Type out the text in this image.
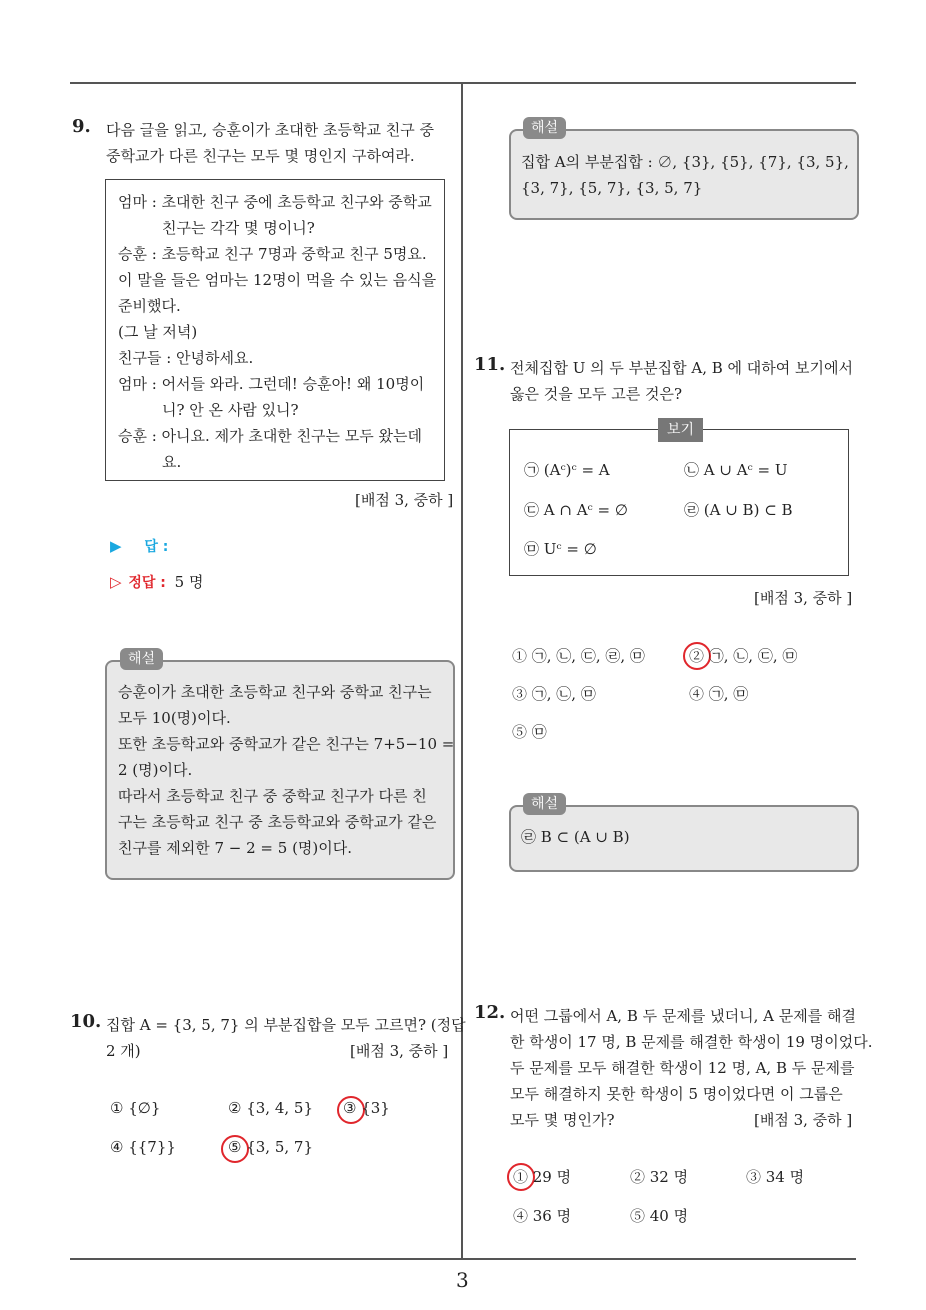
9. 다음 글을 읽고, 승훈이가 초대한 초등학교 친구 중
중학교가 다른 친구는 모두 몇 명인지 구하여라.
엄마 : 초대한 친구 중에 초등학교 친구와 중학교
친구는 각각 몇 명이니?
승훈 : 초등학교 친구 7명과 중학교 친구 5명요.
이 말을 들은 엄마는 12명이 먹을 수 있는 음식을
준비했다.
(그 날 저녁)
친구들 : 안녕하세요.
엄마 : 어서들 와라. 그런데! 승훈아! 왜 10명이
니? 안 온 사람 있니?
승훈 : 아니요. 제가 초대한 친구는 모두 왔는데
요.
[배점 3, 중하 ]
▶ 답 :
▷ 정답 : 5 명
해설
승훈이가 초대한 초등학교 친구와 중학교 친구는
모두 10(명)이다.
또한 초등학교와 중학교가 같은 친구는 7+5−10 =
2 (명)이다.
따라서 초등학교 친구 중 중학교 친구가 다른 친
구는 초등학교 친구 중 초등학교와 중학교가 같은
친구를 제외한 7 − 2 = 5 (명)이다.
10. 집합 A = {3, 5, 7} 의 부분집합을 모두 고르면? (정답
2 개)	[배점 3, 중하 ]
① {∅}	② {3, 4, 5} ③ {3}
④ {{7}}	⑤ {3, 5, 7}
해설
집합 A의 부분집합 : ∅, {3}, {5}, {7}, {3, 5},
{3, 7}, {5, 7}, {3, 5, 7}
11. 전체집합 U 의 두 부분집합 A, B 에 대하여 보기에서
옳은 것을 모두 고른 것은?
보기
㉠ (Aᶜ)ᶜ = A	㉡ A ∪ Aᶜ = U
㉢ A ∩ Aᶜ = ∅	㉣ (A ∪ B) ⊂ B
㉤ Uᶜ = ∅
[배점 3, 중하 ]
① ㉠, ㉡, ㉢, ㉣, ㉤	② ㉠, ㉡, ㉢, ㉤
③ ㉠, ㉡, ㉤	④ ㉠, ㉤
⑤ ㉤
해설
㉣ B ⊂ (A ∪ B)
12. 어떤 그룹에서 A, B 두 문제를 냈더니, A 문제를 해결
한 학생이 17 명, B 문제를 해결한 학생이 19 명이었다.
두 문제를 모두 해결한 학생이 12 명, A, B 두 문제를
모두 해결하지 못한 학생이 5 명이었다면 이 그룹은
모두 몇 명인가?	[배점 3, 중하 ]
① 29 명	② 32 명	③ 34 명
④ 36 명	⑤ 40 명
3
